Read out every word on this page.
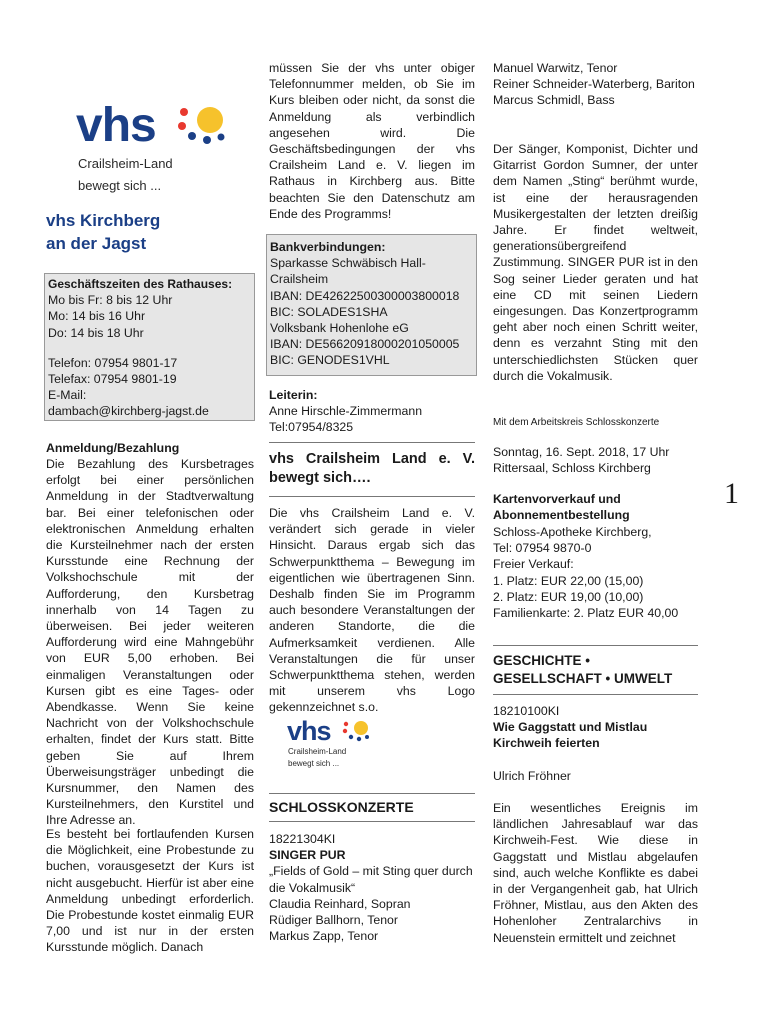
vhs
Crailsheim-Land
bewegt sich ...
vhs Kirchberg
an der Jagst
Geschäftszeiten des Rathauses:
Mo bis Fr: 8 bis 12 Uhr
Mo: 14 bis 16 Uhr
Do: 14 bis 18 Uhr
Telefon: 07954 9801-17
Telefax: 07954 9801-19
E-Mail:
dambach@kirchberg-jagst.de
Anmeldung/Bezahlung
Die Bezahlung des Kursbetrages erfolgt bei einer persönlichen Anmeldung in der Stadtverwaltung bar. Bei einer telefonischen oder elektronischen Anmeldung erhalten die Kursteilnehmer nach der ersten Kursstunde eine Rechnung der Volkshochschule mit der Aufforderung, den Kursbetrag innerhalb von 14 Tagen zu überweisen. Bei jeder weiteren Aufforderung wird eine Mahngebühr von EUR 5,00 erhoben. Bei einmaligen Veranstaltungen oder Kursen gibt es eine Tages- oder Abendkasse. Wenn Sie keine Nachricht von der Volkshochschule erhalten, findet der Kurs statt. Bitte geben Sie auf Ihrem Überweisungsträger unbedingt die Kursnummer, den Namen des Kursteilnehmers, den Kurstitel und Ihre Adresse an.
Es besteht bei fortlaufenden Kursen die Möglichkeit, eine Probestunde zu buchen, vorausgesetzt der Kurs ist nicht ausgebucht. Hierfür ist aber eine Anmeldung unbedingt erforderlich. Die Probestunde kostet einmalig EUR 7,00 und ist nur in der ersten Kursstunde möglich. Danach
müssen Sie der vhs unter obiger Telefonnummer melden, ob Sie im Kurs bleiben oder nicht, da sonst die Anmeldung als verbindlich angesehen wird. Die Geschäftsbedingungen der vhs Crailsheim Land e. V. liegen im Rathaus in Kirchberg aus. Bitte beachten Sie den Datenschutz am Ende des Programms!
Bankverbindungen:
Sparkasse Schwäbisch Hall-
Crailsheim
IBAN: DE42622500300003800018
BIC: SOLADES1SHA
Volksbank Hohenlohe eG
IBAN: DE56620918000201050005
BIC: GENODES1VHL
Leiterin:
Anne Hirschle-Zimmermann
Tel:07954/8325
vhs Crailsheim Land e. V. bewegt sich….
Die vhs Crailsheim Land e. V. verändert sich gerade in vieler Hinsicht. Daraus ergab sich das Schwerpunktthema – Bewegung im eigentlichen wie übertragenen Sinn. Deshalb finden Sie im Programm auch besondere Veranstaltungen der anderen Standorte, die die Aufmerksamkeit verdienen. Alle Veranstaltungen die für unser Schwerpunktthema stehen, werden mit unserem vhs Logo gekennzeichnet s.o.
vhs
Crailsheim-Land
bewegt sich ...
SCHLOSSKONZERTE
18221304KI
SINGER PUR
„Fields of Gold – mit Sting quer durch die Vokalmusik“
Claudia Reinhard, Sopran
Rüdiger Ballhorn, Tenor
Markus Zapp, Tenor
Manuel Warwitz, Tenor
Reiner Schneider-Waterberg, Bariton
Marcus Schmidl, Bass
Der Sänger, Komponist, Dichter und Gitarrist Gordon Sumner, der unter dem Namen „Sting“ berühmt wurde, ist eine der herausragenden Musikergestalten der letzten dreißig Jahre. Er findet weltweit, generationsübergreifend Zustimmung. SINGER PUR ist in den Sog seiner Lieder geraten und hat eine CD mit seinen Liedern eingesungen. Das Konzertprogramm geht aber noch einen Schritt weiter, denn es verzahnt Sting mit den unterschiedlichsten Stücken quer durch die Vokalmusik.
Mit dem Arbeitskreis Schlosskonzerte
Sonntag, 16. Sept. 2018, 17 Uhr
Rittersaal, Schloss Kirchberg
Kartenvorverkauf und Abonnementbestellung
Schloss-Apotheke Kirchberg,
Tel: 07954 9870-0
Freier Verkauf:
1. Platz: EUR 22,00 (15,00)
2. Platz: EUR 19,00 (10,00)
Familienkarte: 2. Platz EUR 40,00
GESCHICHTE • GESELLSCHAFT • UMWELT
18210100KI
Wie Gaggstatt und Mistlau Kirchweih feierten
Ulrich Fröhner
Ein wesentliches Ereignis im ländlichen Jahresablauf war das Kirchweih-Fest. Wie diese in Gaggstatt und Mistlau abgelaufen sind, auch welche Konflikte es dabei in der Vergangenheit gab, hat Ulrich Fröhner, Mistlau, aus den Akten des Hohenloher Zentralarchivs in Neuenstein ermittelt und zeichnet
1
